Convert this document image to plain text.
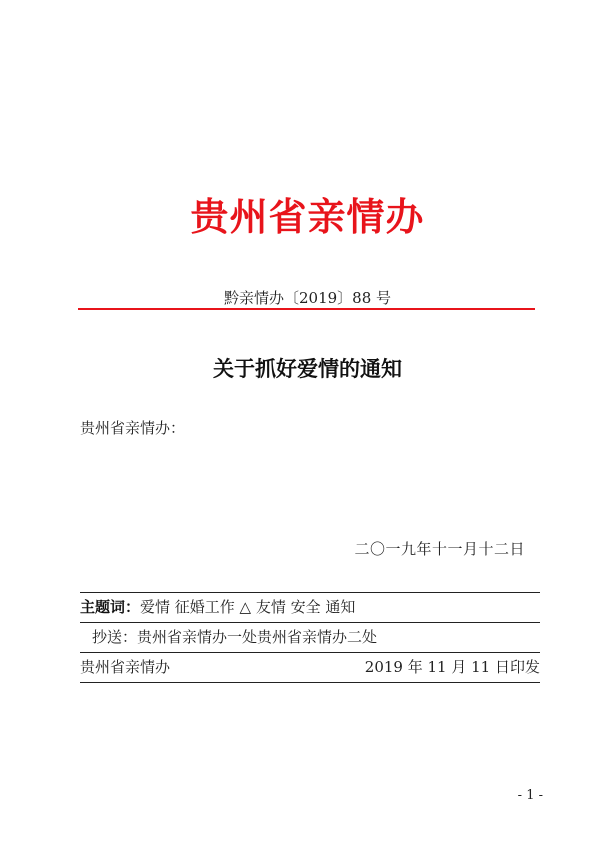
贵州省亲情办
黔亲情办〔2019〕88 号
关于抓好爱情的通知
贵州省亲情办：
二〇一九年十一月十二日
主题词：爱情 征婚工作 △ 友情 安全 通知
抄送：贵州省亲情办一处贵州省亲情办二处
贵州省亲情办	2019 年 11 月 11 日印发
- 1 -
